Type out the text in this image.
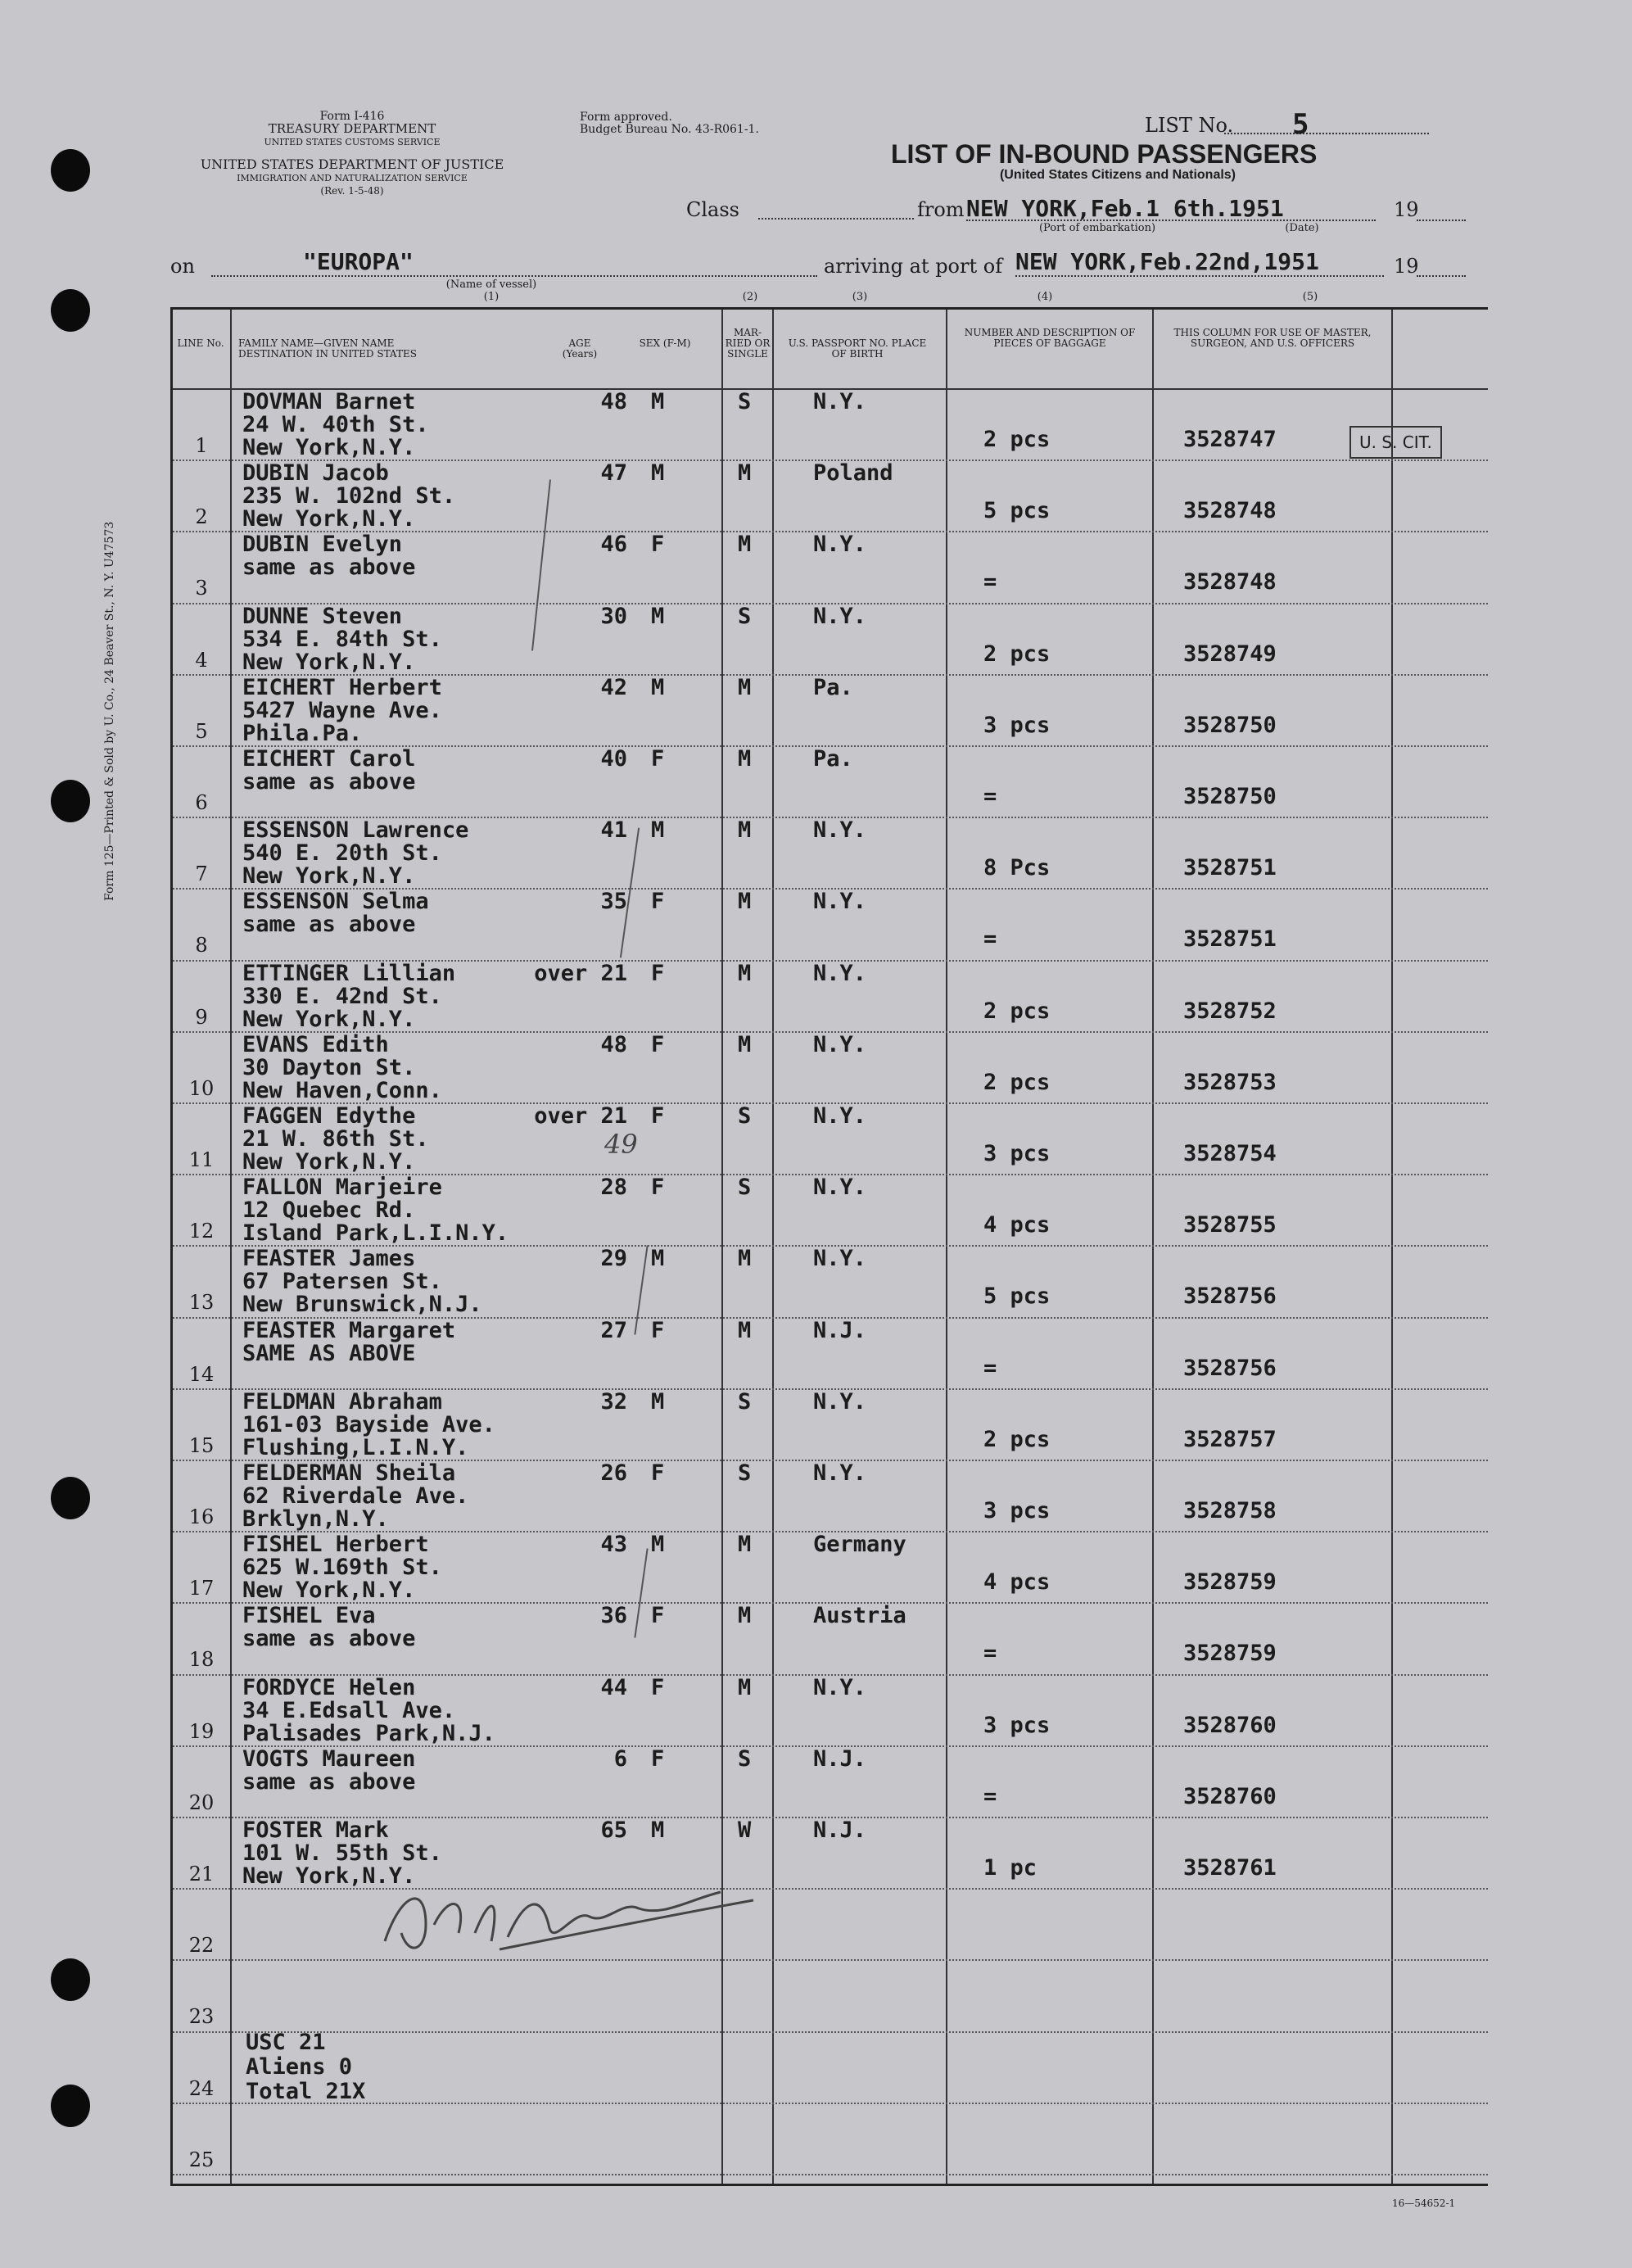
Form 125—Printed & Sold by U. Co., 24 Beaver St., N. Y. U47573
Form I-416
TREASURY DEPARTMENT
UNITED STATES CUSTOMS SERVICE
UNITED STATES DEPARTMENT OF JUSTICE
IMMIGRATION AND NATURALIZATION SERVICE
(Rev. 1-5-48)
Form approved.
Budget Bureau No. 43-R061-1.	LIST No. 5
LIST OF IN-BOUND PASSENGERS
(United States Citizens and Nationals)
Class	from NEW YORK,Feb.1 6th.1951	19
(Port of embarkation)	(Date)
on	"EUROPA"
(Name of vessel)
(1)
arriving at port of NEW YORK,Feb.22nd,1951	19
(2)	(3)	(4)	(5)
LINE No. FAMILY NAME—GIVEN NAME DESTINATION IN UNITED STATES
AGE (Years)
SEX (F-M)
MAR-RIED OR SINGLE
U.S. PASSPORT NO. PLACE OF BIRTH
NUMBER AND DESCRIPTION OF PIECES OF BAGGAGE
THIS COLUMN FOR USE OF MASTER, SURGEON, AND U.S. OFFICERS
1
DOVMAN Barnet
24 W. 40th St.
New York,N.Y.
48 M	S	N.Y.
2 pcs	3528747
2
DUBIN Jacob
235 W. 102nd St.
New York,N.Y.
47 M	M	Poland
5 pcs	3528748
3
DUBIN Evelyn
same as above
46 F	M	N.Y.
=	3528748
4
DUNNE Steven
534 E. 84th St.
New York,N.Y.
30 M	S	N.Y.
2 pcs	3528749
5
EICHERT Herbert
5427 Wayne Ave.
Phila.Pa.
42 M	M	Pa.
3 pcs	3528750
6
EICHERT Carol
same as above
40 F	M	Pa.
=	3528750
7
ESSENSON Lawrence
540 E. 20th St.
New York,N.Y.
41 M	M	N.Y.
8 Pcs	3528751
8
ESSENSON Selma
same as above
35 F	M	N.Y.
=	3528751
9
ETTINGER Lillian
330 E. 42nd St.
New York,N.Y.
over 21 F	M	N.Y.
2 pcs	3528752
10
EVANS Edith
30 Dayton St.
New Haven,Conn.
48 F	M	N.Y.
2 pcs	3528753
11
FAGGEN Edythe
21 W. 86th St.
New York,N.Y.
over 21 F	S	N.Y.
3 pcs	3528754
12
FALLON Marjeire
12 Quebec Rd.
Island Park,L.I.N.Y.
28 F	S	N.Y.
4 pcs	3528755
13
FEASTER James
67 Patersen St.
New Brunswick,N.J.
29 M	M	N.Y.
5 pcs	3528756
14
FEASTER Margaret
SAME AS ABOVE
27 F	M	N.J.
=	3528756
15
FELDMAN Abraham
161-03 Bayside Ave.
Flushing,L.I.N.Y.
32 M	S	N.Y.
2 pcs	3528757
16
FELDERMAN Sheila
62 Riverdale Ave.
Brklyn,N.Y.
26 F	S	N.Y.
3 pcs	3528758
17
FISHEL Herbert
625 W.169th St.
New York,N.Y.
43 M	M	Germany
4 pcs	3528759
18
FISHEL Eva
same as above
36 F	M	Austria
=	3528759
19
FORDYCE Helen
34 E.Edsall Ave.
Palisades Park,N.J.
44 F	M	N.Y.
3 pcs	3528760
20
VOGTS Maureen
same as above
6 F	S	N.J.
=	3528760
21
FOSTER Mark
101 W. 55th St.
New York,N.Y.
65 M	W	N.J.
1 pc	3528761
22
23
24
25
U. S. CIT.
49
USC 21
Aliens 0
Total 21X
16—54652-1
